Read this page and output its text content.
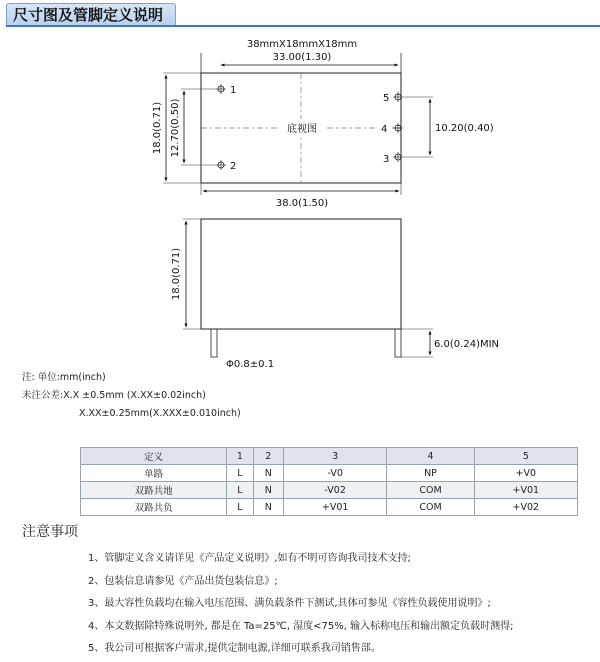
尺寸图及管脚定义说明
38mmX18mmX18mm
33.00(1.30)
底视图
1
2
5
4
3
18.0(0.71) 12.70(0.50)	10.20(0.40)
38.0(1.50)
18.0(0.71)
Φ0.8±0.1
6.0(0.24)MIN
注: 单位:mm(inch)
未注公差:X.X ±0.5mm (X.XX±0.02inch)
X.XX±0.25mm(X.XXX±0.010inch)
定义	1	2	3	4	5
单路	L	N	-V0	NP	+V0
双路共地	L	N	-V02	COM	+V01
双路共负	L	N	+V01	COM	+V02
注意事项
1、管脚定义含义请详见《产品定义说明》,如有不明可咨询我司技术支持;
2、包装信息请参见《产品出货包装信息》;
3、最大容性负载均在输入电压范围、满负载条件下测试,具体可参见《容性负载使用说明》;
4、本文数据除特殊说明外, 都是在 Ta=25℃, 湿度<75%, 输入标称电压和输出额定负载时测得;
5、我公司可根据客户需求,提供定制电源,详细可联系我司销售部。
